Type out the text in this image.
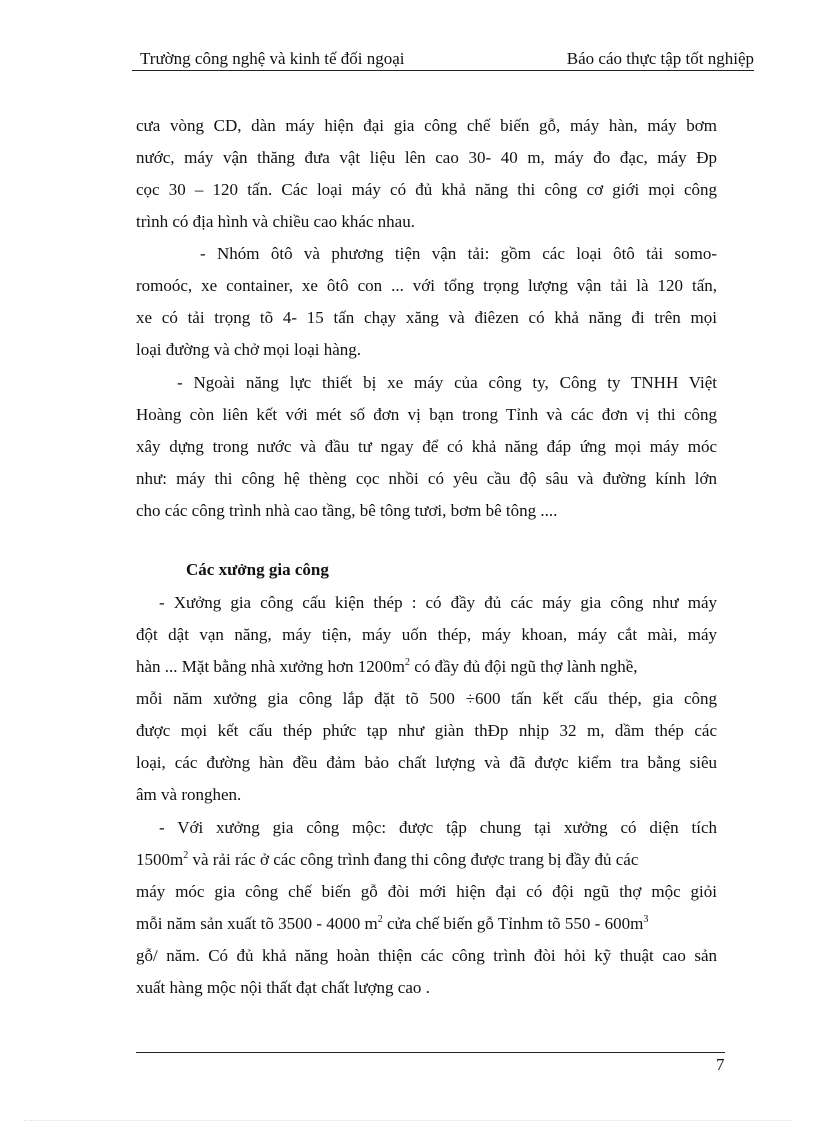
Trường công nghệ và kinh tế đối ngoại	Báo cáo thực tập tốt nghiệp
cưa vòng CD, dàn máy hiện đại gia công chế biến gỗ, máy hàn, máy bơm
nước, máy vận thăng đưa vật liệu lên cao 30- 40 m, máy đo đạc, máy Đp
cọc 30 – 120 tấn. Các loại máy có đủ khả năng thi công cơ giới mọi công
trình có địa hình và chiều cao khác nhau.
- Nhóm ôtô và phương tiện vận tải: gồm các loại ôtô tải somo-
romoóc, xe container, xe ôtô con ... với tổng trọng lượng vận tải là 120 tấn,
xe có tải trọng tõ 4- 15 tấn chạy xăng và điêzen có khả năng đi trên mọi
loại đường và chở mọi loại hàng.
- Ngoài năng lực thiết bị xe máy của công ty, Công ty TNHH Việt
Hoàng còn liên kết với mét số đơn vị bạn trong Tỉnh và các đơn vị thi công
xây dựng trong nước và đầu tư ngay để có khả năng đáp ứng mọi máy móc
như: máy thi công hệ thèng cọc nhồi có yêu cầu độ sâu và đường kính lớn
cho các công trình nhà cao tầng, bê tông tươi, bơm bê tông ....
Các xưởng gia công
- Xưởng gia công cấu kiện thép : có đầy đủ các máy gia công như máy
đột dật vạn năng, máy tiện, máy uốn thép, máy khoan, máy cắt mài, máy
hàn ... Mặt bằng nhà xưởng hơn $1200m^2$ có đầy đủ đội ngũ thợ lành nghề,
mỗi năm xưởng gia công lắp đặt tõ 500 ÷600 tấn kết cấu thép, gia công
được mọi kết cấu thép phức tạp như giàn thĐp nhịp 32 m, dầm thép các
loại, các đường hàn đều đảm bảo chất lượng và đã được kiểm tra bằng siêu
âm và ronghen.
- Với xưởng gia công mộc: được tập chung tại xưởng có diện tích
$1500m^2$ và rải rác ở các công trình đang thi công được trang bị đầy đủ các
máy móc gia công chế biến gỗ đòi mới hiện đại có đội ngũ thợ mộc giỏi
mỗi năm sản xuất tõ 3500 - 4000 $m^2$ cửa chế biến gỗ Tỉnhm tõ $550 - 600m^3$
gỗ/ năm. Có đủ khả năng hoàn thiện các công trình đòi hỏi kỹ thuật cao sản
xuất hàng mộc nội thất đạt chất lượng cao .
7
